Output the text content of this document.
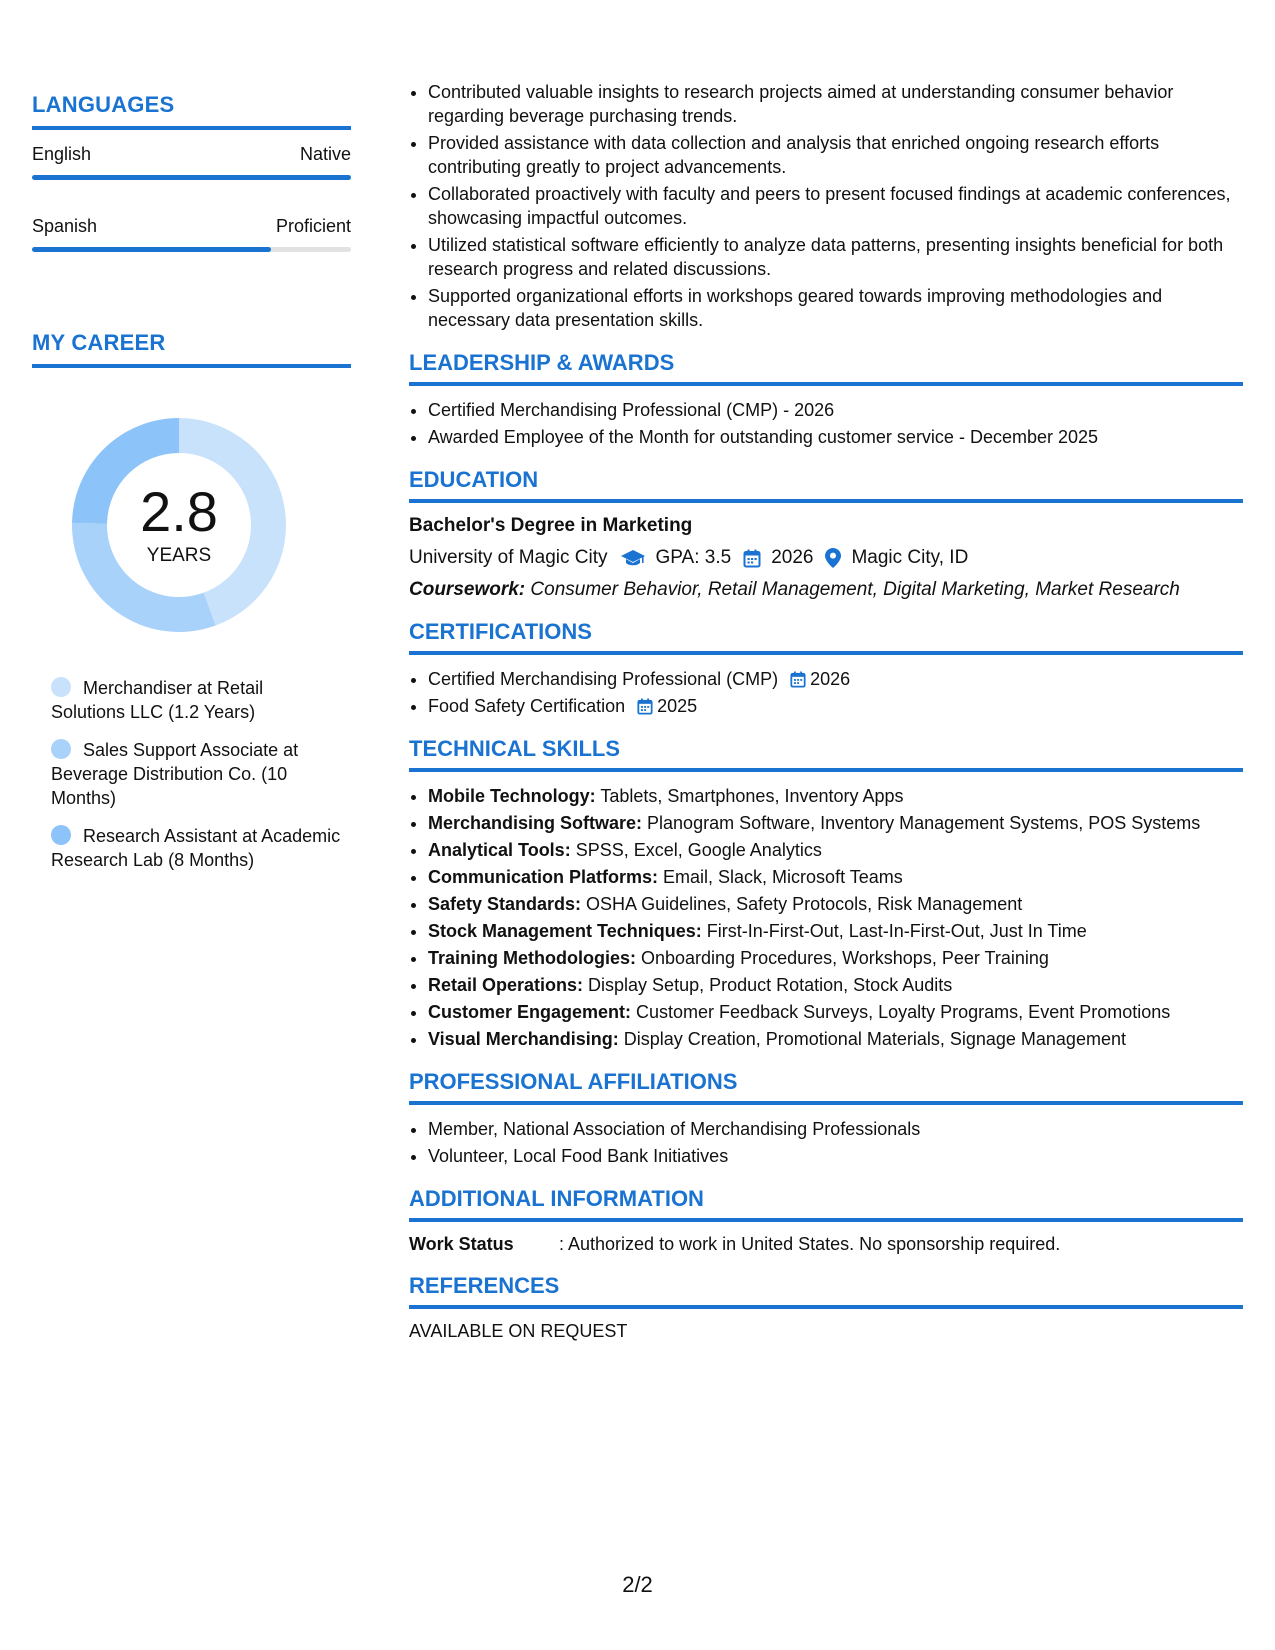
LANGUAGES
English	Native
Spanish	Proficient
MY CAREER
2.8
YEARS
Merchandiser at Retail Solutions LLC (1.2 Years)
Sales Support Associate at Beverage Distribution Co. (10 Months)
Research Assistant at Academic Research Lab (8 Months)
• Contributed valuable insights to research projects aimed at understanding consumer behavior regarding beverage purchasing trends.
• Provided assistance with data collection and analysis that enriched ongoing research efforts contributing greatly to project advancements.
• Collaborated proactively with faculty and peers to present focused findings at academic conferences, showcasing impactful outcomes.
• Utilized statistical software efficiently to analyze data patterns, presenting insights beneficial for both research progress and related discussions.
• Supported organizational efforts in workshops geared towards improving methodologies and necessary data presentation skills.
LEADERSHIP & AWARDS
• Certified Merchandising Professional (CMP) - 2026
• Awarded Employee of the Month for outstanding customer service - December 2025
EDUCATION
Bachelor's Degree in Marketing
University of Magic City	GPA: 3.5 2026 Magic City, ID
Coursework: Consumer Behavior, Retail Management, Digital Marketing, Market Research
CERTIFICATIONS
• Certified Merchandising Professional (CMP) 2026
• Food Safety Certification 2025
TECHNICAL SKILLS
• Mobile Technology: Tablets, Smartphones, Inventory Apps
• Merchandising Software: Planogram Software, Inventory Management Systems, POS Systems
• Analytical Tools: SPSS, Excel, Google Analytics
• Communication Platforms: Email, Slack, Microsoft Teams
• Safety Standards: OSHA Guidelines, Safety Protocols, Risk Management
• Stock Management Techniques: First-In-First-Out, Last-In-First-Out, Just In Time
• Training Methodologies: Onboarding Procedures, Workshops, Peer Training
• Retail Operations: Display Setup, Product Rotation, Stock Audits
• Customer Engagement: Customer Feedback Surveys, Loyalty Programs, Event Promotions
• Visual Merchandising: Display Creation, Promotional Materials, Signage Management
PROFESSIONAL AFFILIATIONS
• Member, National Association of Merchandising Professionals
• Volunteer, Local Food Bank Initiatives
ADDITIONAL INFORMATION
Work Status	: Authorized to work in United States. No sponsorship required.
REFERENCES
AVAILABLE ON REQUEST
2/2
